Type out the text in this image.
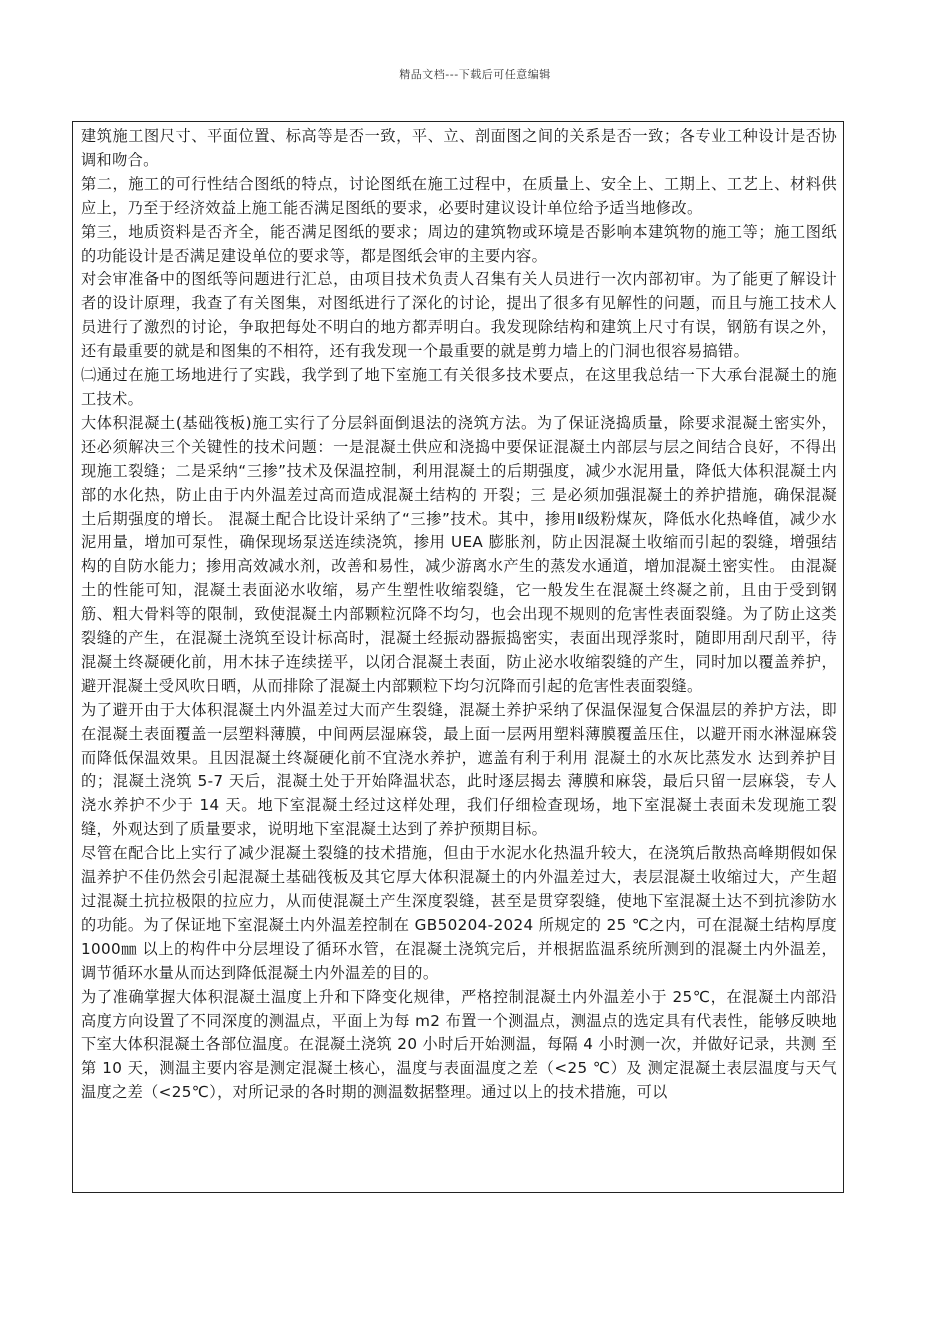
精品文档---下载后可任意编辑

建筑施工图尺寸、平面位置、标高等是否一致，平、立、剖面图之间的关系是否一致；各专业工种设计是否协调和吻合。

第二，施工的可行性结合图纸的特点，讨论图纸在施工过程中，在质量上、安全上、工期上、工艺上、材料供应上，乃至于经济效益上施工能否满足图纸的要求，必要时建议设计单位给予适当地修改。

第三，地质资料是否齐全，能否满足图纸的要求；周边的建筑物或环境是否影响本建筑物的施工等；施工图纸的功能设计是否满足建设单位的要求等，都是图纸会审的主要内容。

对会审准备中的图纸等问题进行汇总，由项目技术负责人召集有关人员进行一次内部初审。为了能更了解设计者的设计原理，我查了有关图集，对图纸进行了深化的讨论，提出了很多有见解性的问题，而且与施工技术人员进行了激烈的讨论，争取把每处不明白的地方都弄明白。我发现除结构和建筑上尺寸有误，钢筋有误之外，还有最重要的就是和图集的不相符，还有我发现一个最重要的就是剪力墙上的门洞也很容易搞错。

㈡通过在施工场地进行了实践，我学到了地下室施工有关很多技术要点，在这里我总结一下大承台混凝土的施工技术。

大体积混凝土(基础筏板)施工实行了分层斜面倒退法的浇筑方法。为了保证浇捣质量，除要求混凝土密实外，还必须解决三个关键性的技术问题：一是混凝土供应和浇捣中要保证混凝土内部层与层之间结合良好，不得出现施工裂缝；二是采纳“三掺”技术及保温控制，利用混凝土的后期强度，减少水泥用量，降低大体积混凝土内部的水化热，防止由于内外温差过高而造成混凝土结构的 开裂；三 是必须加强混凝土的养护措施，确保混凝土后期强度的增长。 混凝土配合比设计采纳了“三掺”技术。其中，掺用Ⅱ级粉煤灰，降低水化热峰值，减少水泥用量，增加可泵性，确保现场泵送连续浇筑，掺用 UEA 膨胀剂，防止因混凝土收缩而引起的裂缝，增强结构的自防水能力；掺用高效减水剂，改善和易性，减少游离水产生的蒸发水通道，增加混凝土密实性。 由混凝土的性能可知，混凝土表面泌水收缩，易产生塑性收缩裂缝，它一般发生在混凝土终凝之前，且由于受到钢筋、粗大骨料等的限制，致使混凝土内部颗粒沉降不均匀，也会出现不规则的危害性表面裂缝。为了防止这类裂缝的产生，在混凝土浇筑至设计标高时，混凝土经振动器振捣密实，表面出现浮浆时，随即用刮尺刮平，待混凝土终凝硬化前，用木抹子连续搓平，以闭合混凝土表面，防止泌水收缩裂缝的产生，同时加以覆盖养护，避开混凝土受风吹日晒，从而排除了混凝土内部颗粒下均匀沉降而引起的危害性表面裂缝。

为了避开由于大体积混凝土内外温差过大而产生裂缝，混凝土养护采纳了保温保湿复合保温层的养护方法，即在混凝土表面覆盖一层塑料薄膜，中间两层湿麻袋，最上面一层两用塑料薄膜覆盖压住，以避开雨水淋湿麻袋而降低保温效果。且因混凝土终凝硬化前不宜浇水养护，遮盖有利于利用 混凝土的水灰比蒸发水 达到养护目的；混凝土浇筑 5-7 天后，混凝土处于开始降温状态，此时逐层揭去 薄膜和麻袋，最后只留一层麻袋，专人浇水养护不少于 14 天。地下室混凝土经过这样处理，我们仔细检查现场，地下室混凝土表面未发现施工裂缝，外观达到了质量要求，说明地下室混凝土达到了养护预期目标。

尽管在配合比上实行了减少混凝土裂缝的技术措施，但由于水泥水化热温升较大，在浇筑后散热高峰期假如保温养护不佳仍然会引起混凝土基础筏板及其它厚大体积混凝土的内外温差过大，表层混凝土收缩过大，产生超过混凝土抗拉极限的拉应力，从而使混凝土产生深度裂缝，甚至是贯穿裂缝，使地下室混凝土达不到抗渗防水的功能。为了保证地下室混凝土内外温差控制在 GB50204-2024 所规定的 25 ℃之内，可在混凝土结构厚度 1000㎜ 以上的构件中分层埋设了循环水管，在混凝土浇筑完后，并根据监温系统所测到的混凝土内外温差，调节循环水量从而达到降低混凝土内外温差的目的。

为了准确掌握大体积混凝土温度上升和下降变化规律，严格控制混凝土内外温差小于 25℃，在混凝土内部沿高度方向设置了不同深度的测温点，平面上为每 m2 布置一个测温点，测温点的选定具有代表性，能够反映地下室大体积混凝土各部位温度。在混凝土浇筑 20 小时后开始测温，每隔 4 小时测一次，并做好记录，共测 至第 10 天，测温主要内容是测定混凝土核心，温度与表面温度之差（<25 ℃）及 测定混凝土表层温度与天气温度之差（<25℃），对所记录的各时期的测温数据整理。通过以上的技术措施，可以
